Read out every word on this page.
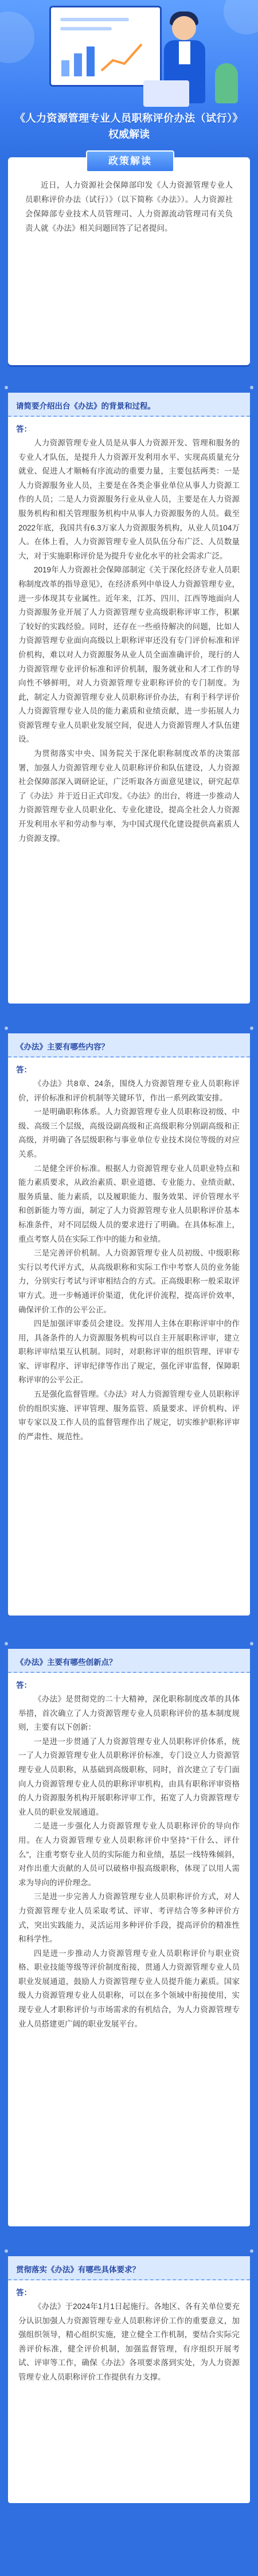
《人力资源管理专业人员职称评价办法（试行）》
权威解读
政策解读
近日，人力资源社会保障部印发《人力资源管理专业人员职称评价办法（试行）》（以下简称《办法》）。人力资源社会保障部专业技术人员管理司、人力资源流动管理司有关负责人就《办法》相关问题回答了记者提问。
请简要介绍出台《办法》的背景和过程。
答：

人力资源管理专业人员是从事人力资源开发、管理和服务的专业人才队伍，是提升人力资源开发利用水平、实现高质量充分就业、促进人才顺畅有序流动的重要力量，主要包括两类：一是人力资源服务业人员，主要是在各类企事业单位从事人力资源工作的人员；二是人力资源服务行业从业人员，主要是在人力资源服务机构和相关管理服务机构中从事人力资源服务的人员。截至2022年底，我国共有6.3万家人力资源服务机构，从业人员104万人。在体上看，人力资源管理专业人员队伍分布广泛、人员数量大，对于实施职称评价是为提升专业化水平的社会需求广泛。

2019年人力资源社会保障部制定《关于深化经济专业人员职称制度改革的指导意见》，在经济系列中单设人力资源管理专业，进一步体现其专业属性。近年来，江苏、四川、江西等地面向人力资源服务业开展了人力资源管理专业高级职称评审工作，积累了较好的实践经验。同时，还存在一些亟待解决的问题，比如人力资源管理专业面向高级以上职称评审还没有专门评价标准和评价机构，难以对人力资源服务从业人员全面准确评价，现行的人力资源管理专业评价标准和评价机制，服务就业和人才工作的导向性不够鲜明，对人力资源管理专业职称评价的专门制度。为此，制定人力资源管理专业人员职称评价办法，有利于科学评价人力资源管理专业人员的能力素质和业绩贡献，进一步拓展人力资源管理专业人员职业发展空间，促进人力资源管理人才队伍建设。

为贯彻落实中央、国务院关于深化职称制度改革的决策部署，加强人力资源管理专业人员职称评价和队伍建设，人力资源社会保障部深入调研论证，广泛听取各方面意见建议，研究起草了《办法》并于近日正式印发。《办法》的出台，将进一步推动人力资源管理专业人员职业化、专业化建设，提高全社会人力资源开发利用水平和劳动参与率，为中国式现代化建设提供高素质人力资源支撑。

《办法》主要有哪些内容？
答：

《办法》共8章、24条，围绕人力资源管理专业人员职称评价，评价标准和评价机制等关键环节，作出一系列政策安排。

一是明确职称体系。人力资源管理专业人员职称设初级、中级、高级三个层级，高级设副高级和正高级职称分别副高级和正高级，并明确了各层级职称与事业单位专业技术岗位等级的对应关系。

二是健全评价标准。根据人力资源管理专业人员职业特点和能力素质要求，从政治素质、职业道德、专业能力、业绩贡献、服务质量、能力素质，以及履职能力、服务效果、评价管理水平和创新能力等方面，制定了人力资源管理专业人员职称评价基本标准条件，对不同层级人员的要求进行了明确。在具体标准上，重点考察人员在实际工作中的能力和业绩。

三是完善评价机制。人力资源管理专业人员初级、中级职称实行以考代评方式，从高级职称和实际工作中考察人员的业务能力，分别实行考试与评审相结合的方式。正高级职称一般采取评审方式。进一步畅通评价渠道，优化评价流程，提高评价效率，确保评价工作的公平公正。

四是加强评审委员会建设。发挥用人主体在职称评审中的作用，具备条件的人力资源服务机构可以自主开展职称评审，建立职称评审结果互认机制。同时，对职称评审的组织管理、评审专家、评审程序、评审纪律等作出了规定，强化评审监督，保障职称评审的公平公正。

五是强化监督管理。《办法》对人力资源管理专业人员职称评价的组织实施、评审管理、服务监管、质量要求、评价机构、评审专家以及工作人员的监督管理作出了规定，切实维护职称评审的严肃性、规范性。

《办法》主要有哪些创新点？
答：

《办法》是贯彻党的二十大精神，深化职称制度改革的具体举措，首次确立了人力资源管理专业人员职称评价的基本制度规则，主要有以下创新：

一是进一步贯通了人力资源管理专业人员职称评价体系，统一了人力资源管理专业人员职称评价标准，专门设立人力资源管理专业人员职称，从基础到高级职称，同时，首次建立了专门面向人力资源管理专业人员的职称评审机构，由具有职称评审资格的人力资源服务机构开展职称评审工作，拓宽了人力资源管理专业人员的职业发展通道。

二是进一步强化人力资源管理专业人员职称评价的导向作用。在人力资源管理专业人员职称评价中坚持“干什么、评什么”，注重考察专业人员的实际能力和业绩，基层一线特殊倾斜，对作出重大贡献的人员可以破格申报高级职称，体现了以用人需求为导向的评价理念。

三是进一步完善人力资源管理专业人员职称评价方式，对人力资源管理专业人员采取考试、评审、考评结合等多种评价方式，突出实践能力，灵活运用多种评价手段，提高评价的精准性和科学性。

四是进一步推动人力资源管理专业人员职称评价与职业资格、职业技能等级等评价制度衔接，贯通人力资源管理专业人员职业发展通道，鼓励人力资源管理专业人员提升能力素质。国家级人力资源管理专业人员职称，可以在多个领域中衔接使用，实现专业人才职称评价与市场需求的有机结合，为人力资源管理专业人员搭建更广阔的职业发展平台。

贯彻落实《办法》有哪些具体要求？
答：

《办法》于2024年1月1日起施行。各地区、各有关单位要充分认识加强人力资源管理专业人员职称评价工作的重要意义，加强组织领导，精心组织实施，建立健全工作机制，要结合实际完善评价标准，健全评价机制，加强监督管理，有序组织开展考试、评审等工作，确保《办法》各项要求落到实处，为人力资源管理专业人员职称评价工作提供有力支撑。
